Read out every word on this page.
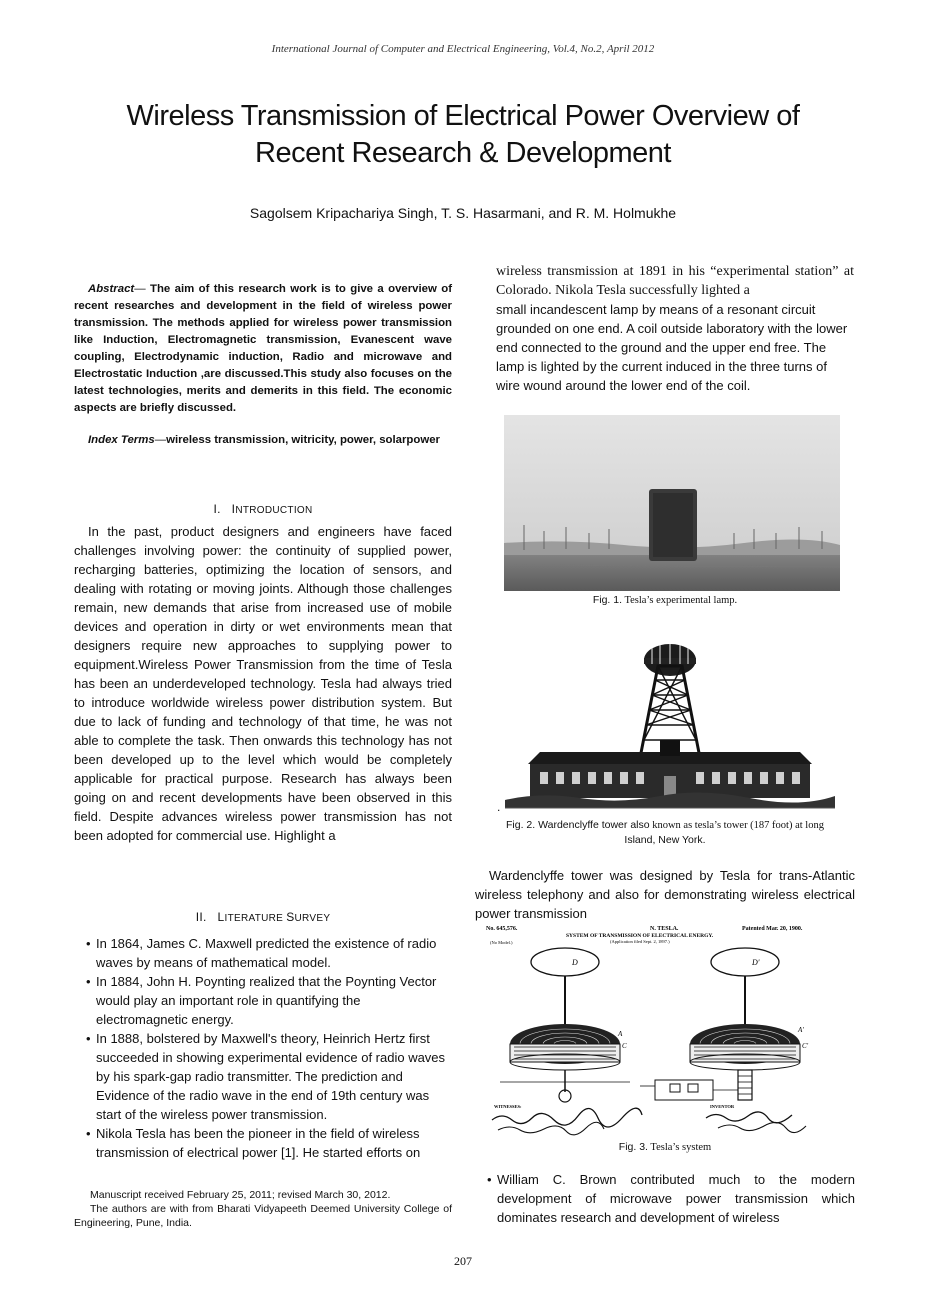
International Journal of Computer and Electrical Engineering, Vol.4, No.2, April 2012
Wireless Transmission of Electrical Power Overview of
Recent Research & Development
Sagolsem Kripachariya Singh, T. S. Hasarmani, and R. M. Holmukhe
Abstract— The aim of this research work is to give a overview of recent researches and development in the field of wireless power transmission. The methods applied for wireless power transmission like Induction, Electromagnetic transmission, Evanescent wave coupling, Electrodynamic induction, Radio and microwave and Electrostatic Induction ,are discussed.This study also focuses on the latest technologies, merits and demerits in this field. The economic aspects are briefly discussed.
Index Terms—wireless transmission, witricity, power, solarpower
I. INTRODUCTION
In the past, product designers and engineers have faced challenges involving power: the continuity of supplied power, recharging batteries, optimizing the location of sensors, and dealing with rotating or moving joints. Although those challenges remain, new demands that arise from increased use of mobile devices and operation in dirty or wet environments mean that designers require new approaches to supplying power to equipment.Wireless Power Transmission from the time of Tesla has been an underdeveloped technology. Tesla had always tried to introduce worldwide wireless power distribution system. But due to lack of funding and technology of that time, he was not able to complete the task. Then onwards this technology has not been developed up to the level which would be completely applicable for practical purpose. Research has always been going on and recent developments have been observed in this field. Despite advances wireless power transmission has not been adopted for commercial use. Highlight a
II. LITERATURE SURVEY
• In 1864, James C. Maxwell predicted the existence of radio waves by means of mathematical model.
• In 1884, John H. Poynting realized that the Poynting Vector would play an important role in quantifying the electromagnetic energy.
• In 1888, bolstered by Maxwell's theory, Heinrich Hertz first succeeded in showing experimental evidence of radio waves by his spark-gap radio transmitter. The prediction and Evidence of the radio wave in the end of 19th century was start of the wireless power transmission.
• Nikola Tesla has been the pioneer in the field of wireless transmission of electrical power [1]. He started efforts on
Manuscript received February 25, 2011; revised March 30, 2012.
The authors are with from Bharati Vidyapeeth Deemed University College of Engineering, Pune, India.
wireless transmission at 1891 in his “experimental station” at Colorado. Nikola Tesla successfully lighted a
small incandescent lamp by means of a resonant circuit grounded on one end. A coil outside laboratory with the lower end connected to the ground and the upper end free. The lamp is lighted by the current induced in the three turns of wire wound around the lower end of the coil.
Fig. 1. Tesla’s experimental lamp.
.
Fig. 2. Wardenclyffe tower also known as tesla’s tower (187 foot) at long
Island, New York.
Wardenclyffe tower was designed by Tesla for trans-Atlantic wireless telephony and also for demonstrating wireless electrical power transmission
No. 645,576.	N. TESLA.	Patented Mar. 20, 1900.
SYSTEM OF TRANSMISSION OF ELECTRICAL ENERGY.
(Application filed Sept. 2, 1897.)
(No Model.)
D
A
C
D'
A'
C'
WITNESSES:	INVENTOR
Fig. 3. Tesla’s system
• William C. Brown contributed much to the modern development of microwave power transmission which dominates research and development of wireless
207
